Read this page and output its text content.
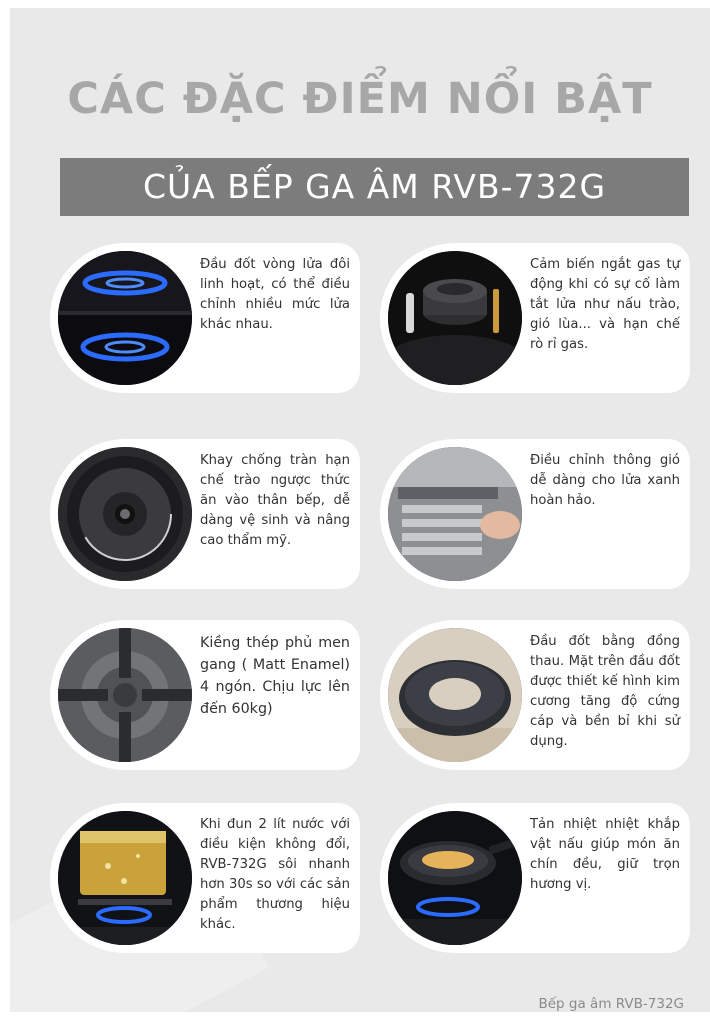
CÁC ĐẶC ĐIỂM NỔI BẬT
CỦA BẾP GA ÂM RVB-732G
Đầu đốt vòng lửa đôi linh hoạt, có thể điều chỉnh nhiều mức lửa khác nhau.
Cảm biến ngắt gas tự động khi có sự cố làm tắt lửa như nấu trào, gió lùa... và hạn chế rò rỉ gas.
Khay chống tràn hạn chế trào ngược thức ăn vào thân bếp, dễ dàng vệ sinh và nâng cao thẩm mỹ.
Điều chỉnh thông gió dễ dàng cho lửa xanh hoàn hảo.
Kiềng thép phủ men gang ( Matt Enamel) 4 ngón. Chịu lực lên đến 60kg)
Đầu đốt bằng đồng thau. Mặt trên đầu đốt được thiết kế hình kim cương tăng độ cứng cáp và bền bỉ khi sử dụng.
Khi đun 2 lít nước với điều kiện không đổi, RVB-732G sôi nhanh hơn 30s so với các sản phẩm thương hiệu khác.
Tản nhiệt nhiệt khắp vật nấu giúp món ăn chín đều, giữ trọn hương vị.
Bếp ga âm RVB-732G
